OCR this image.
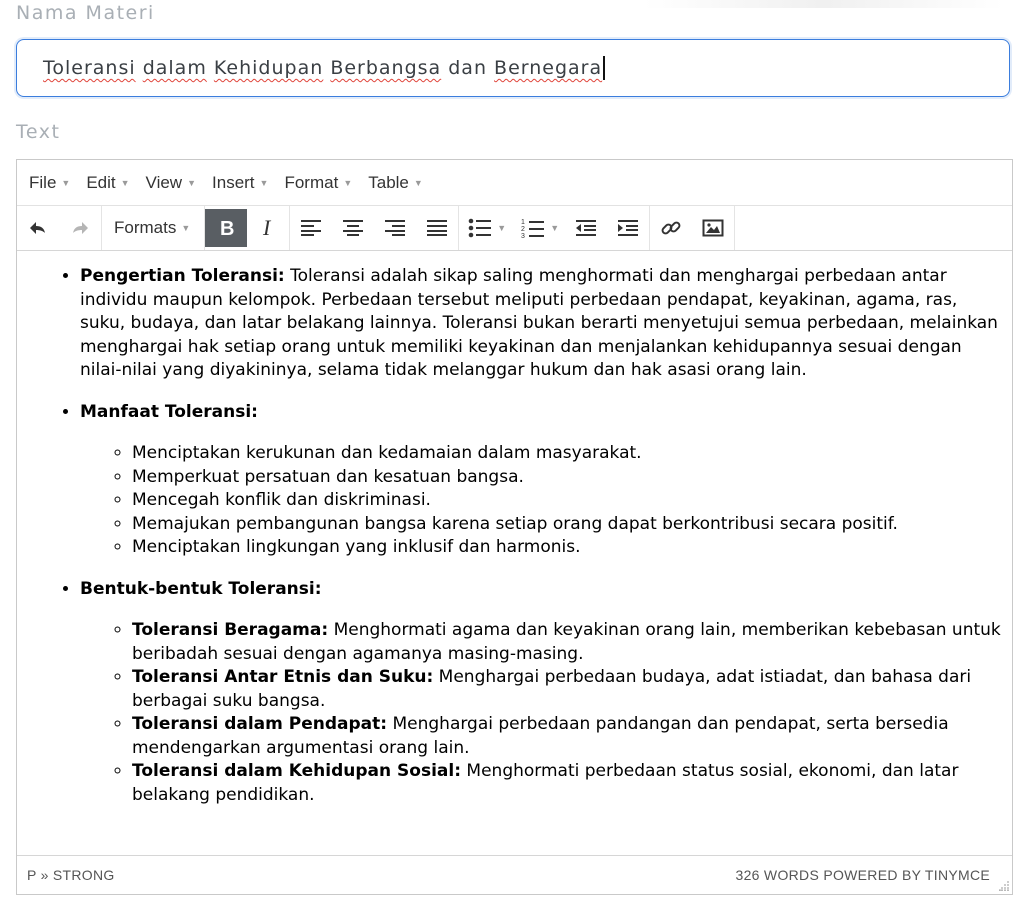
Nama Materi
Toleransi dalam Kehidupan Berbangsa dan Bernegara
Text
File ▼ Edit ▼ View ▼ Insert ▼ Format ▼ Table ▼
Formats ▼ B I	▼
1
2
3
▼
• Pengertian Toleransi: Toleransi adalah sikap saling menghormati dan menghargai perbedaan antar individu maupun kelompok. Perbedaan tersebut meliputi perbedaan pendapat, keyakinan, agama, ras, suku, budaya, dan latar belakang lainnya. Toleransi bukan berarti menyetujui semua perbedaan, melainkan menghargai hak setiap orang untuk memiliki keyakinan dan menjalankan kehidupannya sesuai dengan nilai-nilai yang diyakininya, selama tidak melanggar hukum dan hak asasi orang lain.
• Manfaat Toleransi:
◦ Menciptakan kerukunan dan kedamaian dalam masyarakat.
◦ Memperkuat persatuan dan kesatuan bangsa.
◦ Mencegah konflik dan diskriminasi.
◦ Memajukan pembangunan bangsa karena setiap orang dapat berkontribusi secara positif.
◦ Menciptakan lingkungan yang inklusif dan harmonis.
• Bentuk-bentuk Toleransi:
◦ Toleransi Beragama: Menghormati agama dan keyakinan orang lain, memberikan kebebasan untuk beribadah sesuai dengan agamanya masing-masing.
◦ Toleransi Antar Etnis dan Suku: Menghargai perbedaan budaya, adat istiadat, dan bahasa dari berbagai suku bangsa.
◦ Toleransi dalam Pendapat: Menghargai perbedaan pandangan dan pendapat, serta bersedia mendengarkan argumentasi orang lain.
◦ Toleransi dalam Kehidupan Sosial: Menghormati perbedaan status sosial, ekonomi, dan latar belakang pendidikan.
P » STRONG	326 WORDS POWERED BY TINYMCE
